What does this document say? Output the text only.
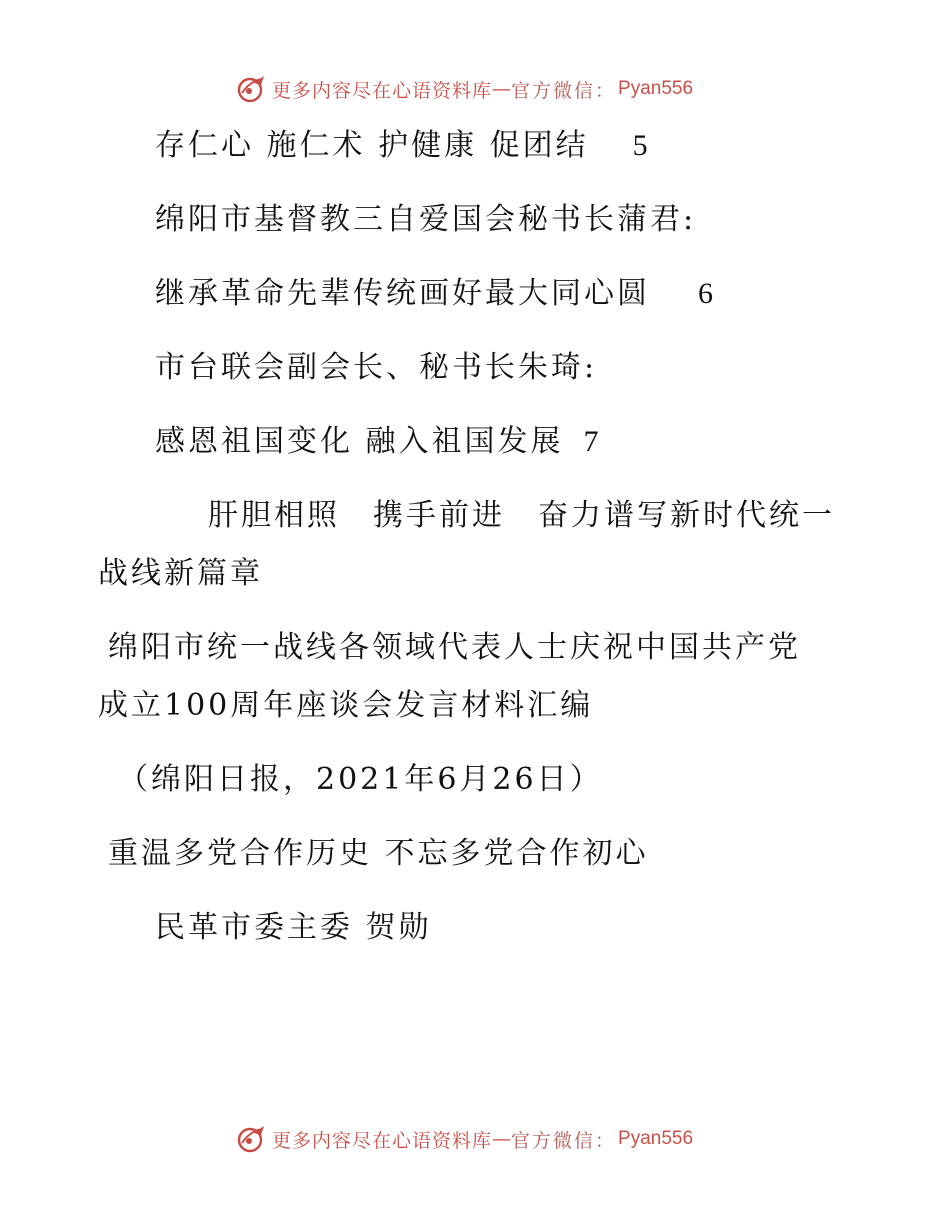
更多内容尽在心语资料库 — 官方微信： Pyan556
存仁心 施仁术 护健康 促团结 5
绵阳市基督教三自爱国会秘书长蒲君:
继承革命先辈传统画好最大同心圆 6
市台联会副会长、秘书长朱琦:
感恩祖国变化 融入祖国发展 7
肝胆相照　携手前进　奋力谱写新时代统一
战线新篇章
绵阳市统一战线各领域代表人士庆祝中国共产党
成立100周年座谈会发言材料汇编
（绵阳日报，2021年6月26日）
重温多党合作历史 不忘多党合作初心
民革市委主委 贺勋
更多内容尽在心语资料库 — 官方微信： Pyan556
